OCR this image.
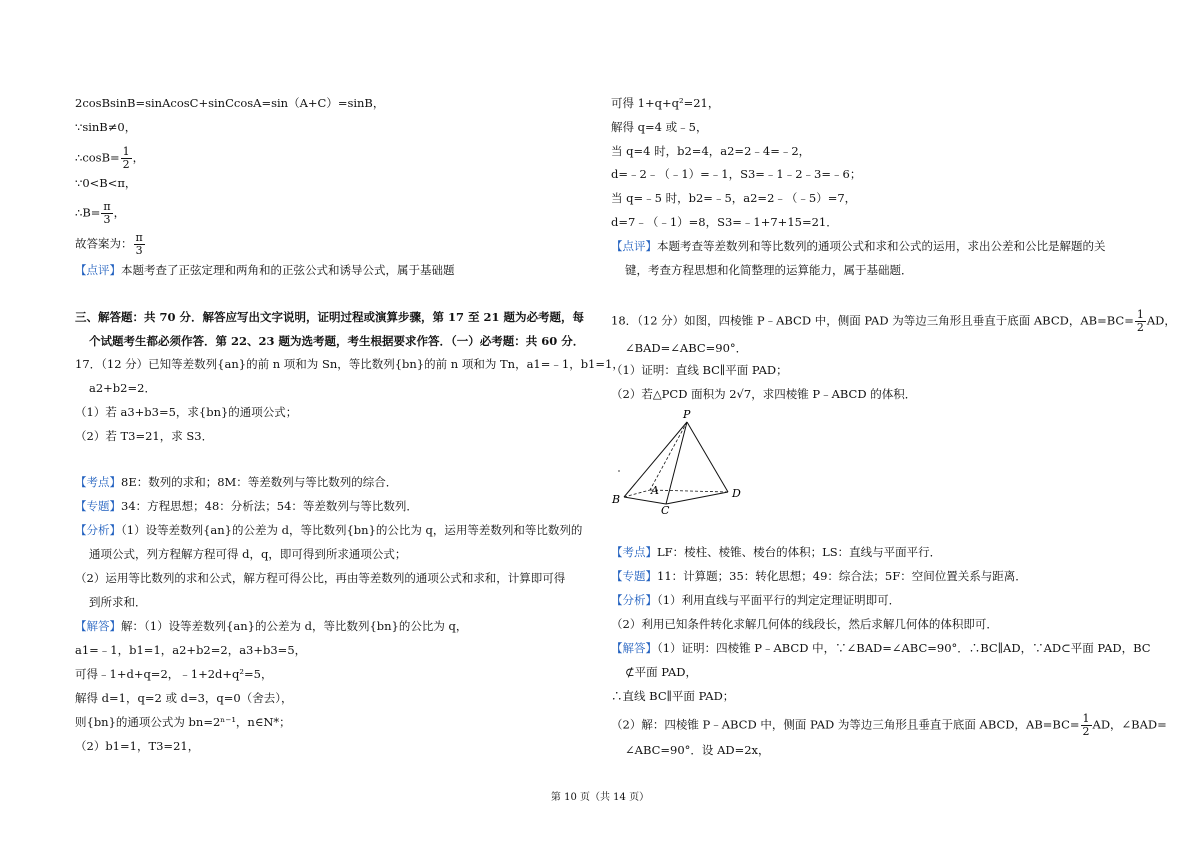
2cosBsinB=sinAcosC+sinCcosA=sin（A+C）=sinB，
∵sinB≠0，
∴cosB= $\frac{1}{2}$ ，
∵0<B<π，
∴B= $\frac{\pi}{3}$ ，
故答案为： $\frac{\pi}{3}$
【点评】本题考查了正弦定理和两角和的正弦公式和诱导公式，属于基础题
三、解答题：共 70 分．解答应写出文字说明，证明过程或演算步骤，第 17 至 21 题为必考题，每
个试题考生都必须作答．第 22、23 题为选考题，考生根据要求作答．（一）必考题：共 60 分．
17．（12 分）已知等差数列{an}的前 n 项和为 Sn，等比数列{bn}的前 n 项和为 Tn，a1=﹣1，b1=1，
a2+b2=2．
（1）若 a3+b3=5，求{bn}的通项公式；
（2）若 T3=21，求 S3．
【考点】8E：数列的求和；8M：等差数列与等比数列的综合．
【专题】34：方程思想；48：分析法；54：等差数列与等比数列．
【分析】（1）设等差数列{an}的公差为 d，等比数列{bn}的公比为 q，运用等差数列和等比数列的
通项公式，列方程解方程可得 d，q，即可得到所求通项公式；
（2）运用等比数列的求和公式，解方程可得公比，再由等差数列的通项公式和求和，计算即可得
到所求和．
【解答】解：（1）设等差数列{an}的公差为 d，等比数列{bn}的公比为 q，
a1=﹣1，b1=1，a2+b2=2，a3+b3=5，
可得﹣1+d+q=2，﹣1+2d+q²=5，
解得 d=1，q=2 或 d=3，q=0（舍去），
则{bn}的通项公式为 bn=2ⁿ⁻¹，n∈N*；
（2）b1=1，T3=21，
可得 1+q+q²=21，
解得 q=4 或﹣5，
当 q=4 时，b2=4，a2=2﹣4=﹣2，
d=﹣2﹣（﹣1）=﹣1，S3=﹣1﹣2﹣3=﹣6；
当 q=﹣5 时，b2=﹣5，a2=2﹣（﹣5）=7，
d=7﹣（﹣1）=8，S3=﹣1+7+15=21．
【点评】本题考查等差数列和等比数列的通项公式和求和公式的运用，求出公差和公比是解题的关
键，考查方程思想和化简整理的运算能力，属于基础题．
18．（12 分）如图，四棱锥 P﹣ABCD 中，侧面 PAD 为等边三角形且垂直于底面 ABCD，$AB=BC= \frac{1}{2}$ AD，
∠BAD=∠ABC=90°．
（1）证明：直线 BC∥平面 PAD；
（2）若△PCD 面积为 2√7，求四棱锥 P﹣ABCD 的体积．
P
A
B
C
D
【考点】LF：棱柱、棱锥、棱台的体积；LS：直线与平面平行．
【专题】11：计算题；35：转化思想；49：综合法；5F：空间位置关系与距离．
【分析】（1）利用直线与平面平行的判定定理证明即可．
（2）利用已知条件转化求解几何体的线段长，然后求解几何体的体积即可．
【解答】（1）证明：四棱锥 P﹣ABCD 中，∵∠BAD=∠ABC=90°．∴BC∥AD，∵AD⊂平面 PAD，BC
⊄平面 PAD，
∴直线 BC∥平面 PAD；
（2）解：四棱锥 P﹣ABCD 中，侧面 PAD 为等边三角形且垂直于底面 ABCD，$AB=BC= \frac{1}{2}$ AD，∠BAD=
∠ABC=90°．设 AD=2x，
第 10 页（共 14 页）
